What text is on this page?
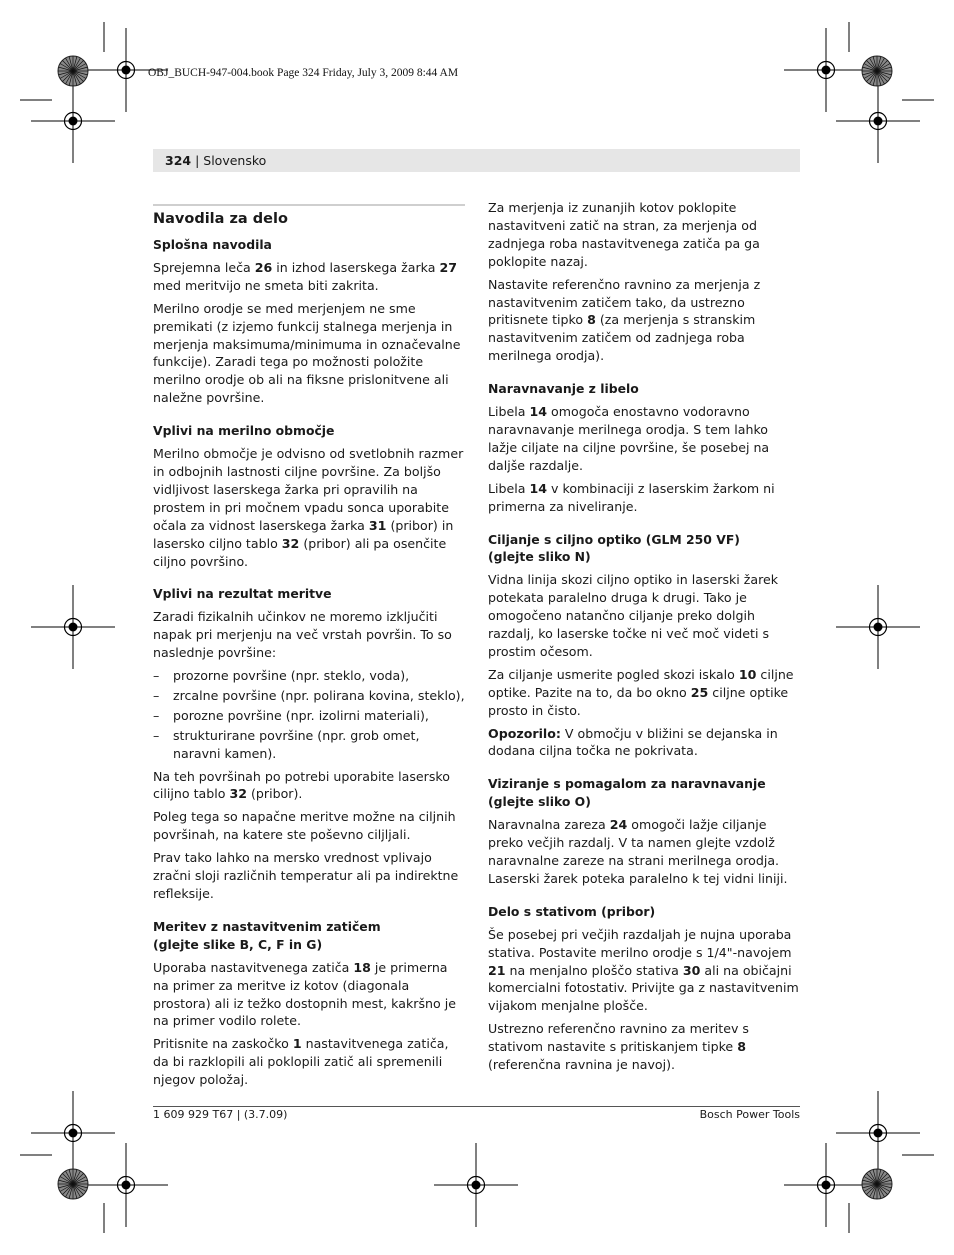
OBJ_BUCH-947-004.book Page 324 Friday, July 3, 2009 8:44 AM
324 | Slovensko
Navodila za delo
Splošna navodila

Sprejemna leča 26 in izhod laserskega žarka 27 med meritvijo ne smeta biti zakrita.

Merilno orodje se med merjenjem ne sme premikati (z izjemo funkcij stalnega merjenja in merjenja maksimuma/minimuma in označevalne funkcije). Zaradi tega po možnosti položite merilno orodje ob ali na fiksne prislonitvene ali naležne površine.

Vplivi na merilno območje

Merilno območje je odvisno od svetlobnih razmer in odbojnih lastnosti ciljne površine. Za boljšo vidljivost laserskega žarka pri opravilih na prostem in pri močnem vpadu sonca uporabite očala za vidnost laserskega žarka 31 (pribor) in lasersko ciljno tablo 32 (pribor) ali pa osenčite ciljno površino.

Vplivi na rezultat meritve

Zaradi fizikalnih učinkov ne moremo izključiti napak pri merjenju na več vrstah površin. To so naslednje površine:

– prozorne površine (npr. steklo, voda),
– zrcalne površine (npr. polirana kovina, steklo),
– porozne površine (npr. izolirni materiali),
– strukturirane površine (npr. grob omet, naravni kamen).

Na teh površinah po potrebi uporabite lasersko cilijno tablo 32 (pribor).

Poleg tega so napačne meritve možne na ciljnih površinah, na katere ste poševno ciljljali.

Prav tako lahko na mersko vrednost vplivajo zračni sloji različnih temperatur ali pa indirektne refleksije.

Meritev z nastavitvenim zatičem
(glejte slike B, C, F in G)

Uporaba nastavitvenega zatiča 18 je primerna na primer za meritve iz kotov (diagonala prostora) ali iz težko dostopnih mest, kakršno je na primer vodilo rolete.

Pritisnite na zaskočko 1 nastavitvenega zatiča, da bi razklopili ali poklopili zatič ali spremenili njegov položaj.

Za merjenja iz zunanjih kotov poklopite nastavitveni zatič na stran, za merjenja od zadnjega roba nastavitvenega zatiča pa ga poklopite nazaj.

Nastavite referenčno ravnino za merjenja z nastavitvenim zatičem tako, da ustrezno pritisnete tipko 8 (za merjenja s stranskim nastavitvenim zatičem od zadnjega roba merilnega orodja).

Naravnavanje z libelo

Libela 14 omogoča enostavno vodoravno naravnavanje merilnega orodja. S tem lahko lažje ciljate na ciljne površine, še posebej na daljše razdalje.

Libela 14 v kombinaciji z laserskim žarkom ni primerna za niveliranje.

Ciljanje s ciljno optiko (GLM 250 VF)
(glejte sliko N)

Vidna linija skozi ciljno optiko in laserski žarek potekata paralelno druga k drugi. Tako je omogočeno natančno ciljanje preko dolgih razdalj, ko laserske točke ni več moč videti s prostim očesom.

Za ciljanje usmerite pogled skozi iskalo 10 ciljne optike. Pazite na to, da bo okno 25 ciljne optike prosto in čisto.

Opozorilo: V območju v bližini se dejanska in dodana ciljna točka ne pokrivata.

Viziranje s pomagalom za naravnavanje
(glejte sliko O)

Naravnalna zareza 24 omogoči lažje ciljanje preko večjih razdalj. V ta namen glejte vzdolž naravnalne zareze na strani merilnega orodja. Laserski žarek poteka paralelno k tej vidni liniji.

Delo s stativom (pribor)

Še posebej pri večjih razdaljah je nujna uporaba stativa. Postavite merilno orodje s 1/4"-navojem 21 na menjalno ploščo stativa 30 ali na običajni komercialni fotostativ. Privijte ga z nastavitvenim vijakom menjalne plošče.

Ustrezno referenčno ravnino za meritev s stativom nastavite s pritiskanjem tipke 8 (referenčna ravnina je navoj).

1 609 929 T67 | (3.7.09)	Bosch Power Tools
